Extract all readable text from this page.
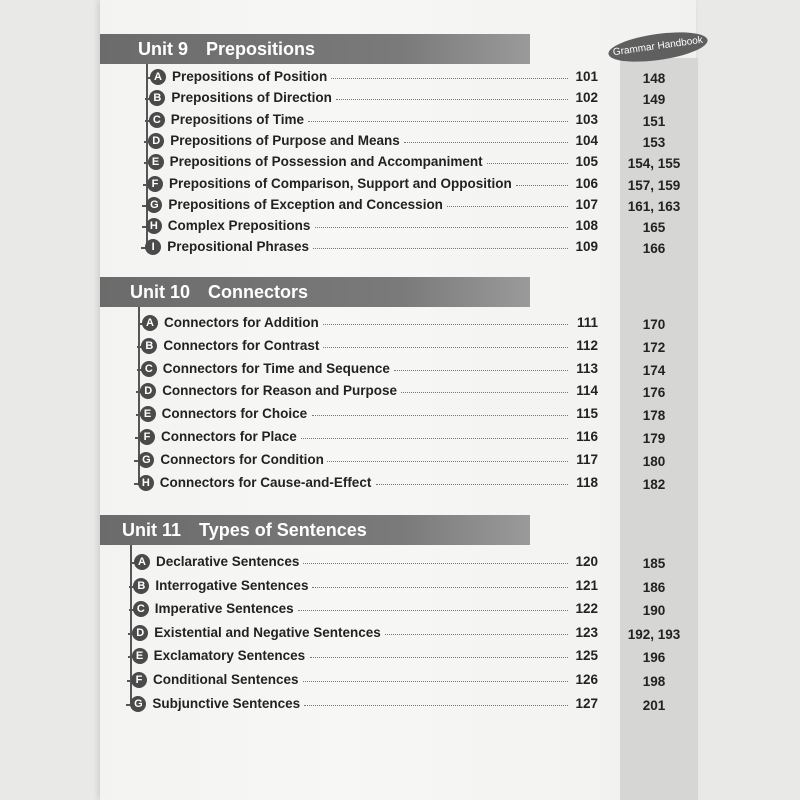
Grammar Handbook
Unit 9 Prepositions
A Prepositions of Position	101	148
B Prepositions of Direction	102	149
C Prepositions of Time	103	151
D Prepositions of Purpose and Means	104	153
E Prepositions of Possession and Accompaniment	105	154, 155
F Prepositions of Comparison, Support and Opposition	106	157, 159
G Prepositions of Exception and Concession	107	161, 163
H Complex Prepositions	108	165
I Prepositional Phrases	109	166
Unit 10 Connectors
A Connectors for Addition	111	170
B Connectors for Contrast	112	172
C Connectors for Time and Sequence	113	174
D Connectors for Reason and Purpose	114	176
E Connectors for Choice	115	178
F Connectors for Place	116	179
G Connectors for Condition	117	180
H Connectors for Cause-and-Effect	118	182
Unit 11 Types of Sentences
A Declarative Sentences	120	185
B Interrogative Sentences	121	186
C Imperative Sentences	122	190
D Existential and Negative Sentences	123	192, 193
E Exclamatory Sentences	125	196
F Conditional Sentences	126	198
G Subjunctive Sentences	127	201
